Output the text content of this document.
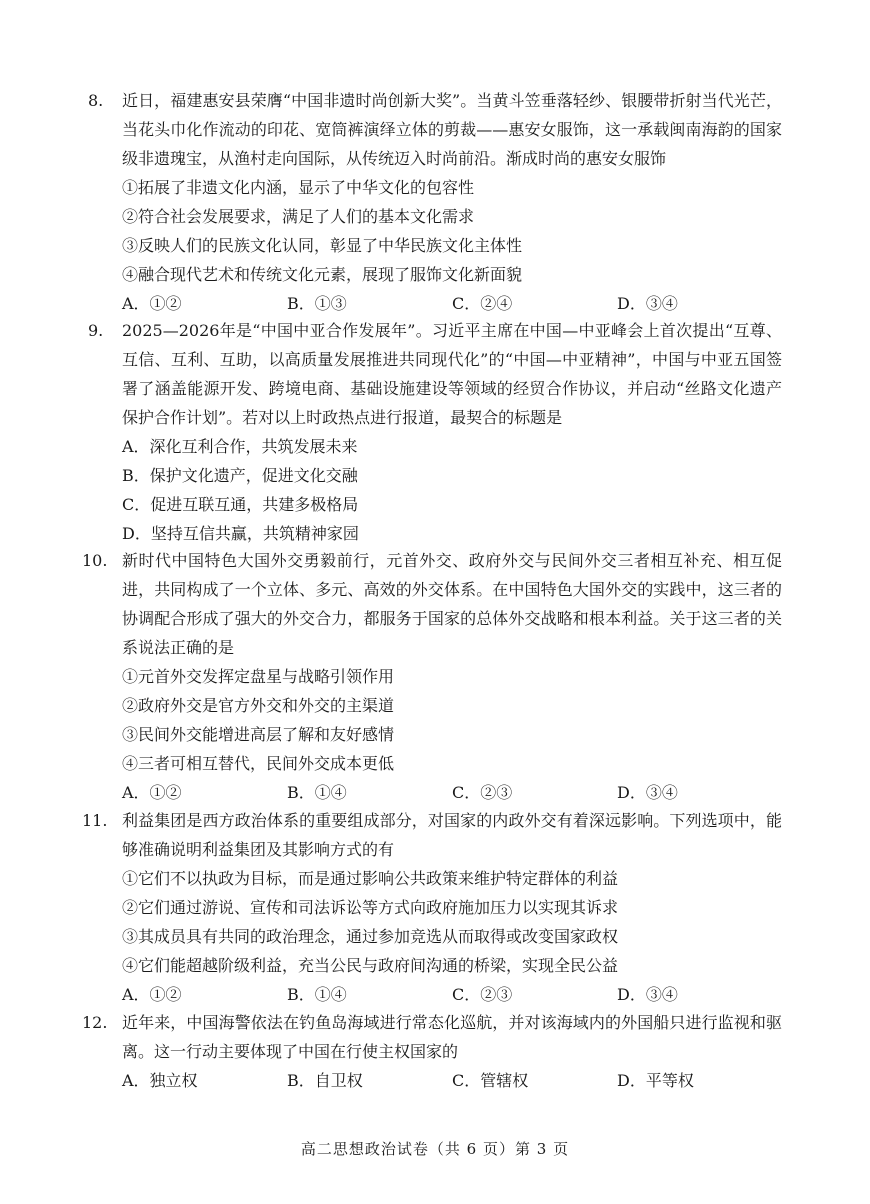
8. 近日，福建惠安县荣膺“中国非遗时尚创新大奖”。当黄斗笠垂落轻纱、银腰带折射当代光芒，当花头巾化作流动的印花、宽筒裤演绎立体的剪裁——惠安女服饰，这一承载闽南海韵的国家级非遗瑰宝，从渔村走向国际，从传统迈入时尚前沿。渐成时尚的惠安女服饰

①拓展了非遗文化内涵，显示了中华文化的包容性

②符合社会发展要求，满足了人们的基本文化需求

③反映人们的民族文化认同，彰显了中华民族文化主体性

④融合现代艺术和传统文化元素，展现了服饰文化新面貌

A．①②	B．①③	C．②④	D．③④
9. 2025—2026年是“中国中亚合作发展年”。习近平主席在中国—中亚峰会上首次提出“互尊、互信、互利、互助，以高质量发展推进共同现代化”的“中国—中亚精神”，中国与中亚五国签署了涵盖能源开发、跨境电商、基础设施建设等领域的经贸合作协议，并启动“丝路文化遗产保护合作计划”。若对以上时政热点进行报道，最契合的标题是

A．深化互利合作，共筑发展未来

B．保护文化遗产，促进文化交融

C．促进互联互通，共建多极格局

D．坚持互信共赢，共筑精神家园

10. 新时代中国特色大国外交勇毅前行，元首外交、政府外交与民间外交三者相互补充、相互促进，共同构成了一个立体、多元、高效的外交体系。在中国特色大国外交的实践中，这三者的协调配合形成了强大的外交合力，都服务于国家的总体外交战略和根本利益。关于这三者的关系说法正确的是

①元首外交发挥定盘星与战略引领作用

②政府外交是官方外交和外交的主渠道

③民间外交能增进高层了解和友好感情

④三者可相互替代，民间外交成本更低

A．①②	B．①④	C．②③	D．③④
11. 利益集团是西方政治体系的重要组成部分，对国家的内政外交有着深远影响。下列选项中，能够准确说明利益集团及其影响方式的有

①它们不以执政为目标，而是通过影响公共政策来维护特定群体的利益

②它们通过游说、宣传和司法诉讼等方式向政府施加压力以实现其诉求

③其成员具有共同的政治理念，通过参加竞选从而取得或改变国家政权

④它们能超越阶级利益，充当公民与政府间沟通的桥梁，实现全民公益

A．①②	B．①④	C．②③	D．③④
12. 近年来，中国海警依法在钓鱼岛海域进行常态化巡航，并对该海域内的外国船只进行监视和驱离。这一行动主要体现了中国在行使主权国家的

A．独立权	B．自卫权	C．管辖权	D．平等权
高二思想政治试卷（共 6 页）第 3 页
